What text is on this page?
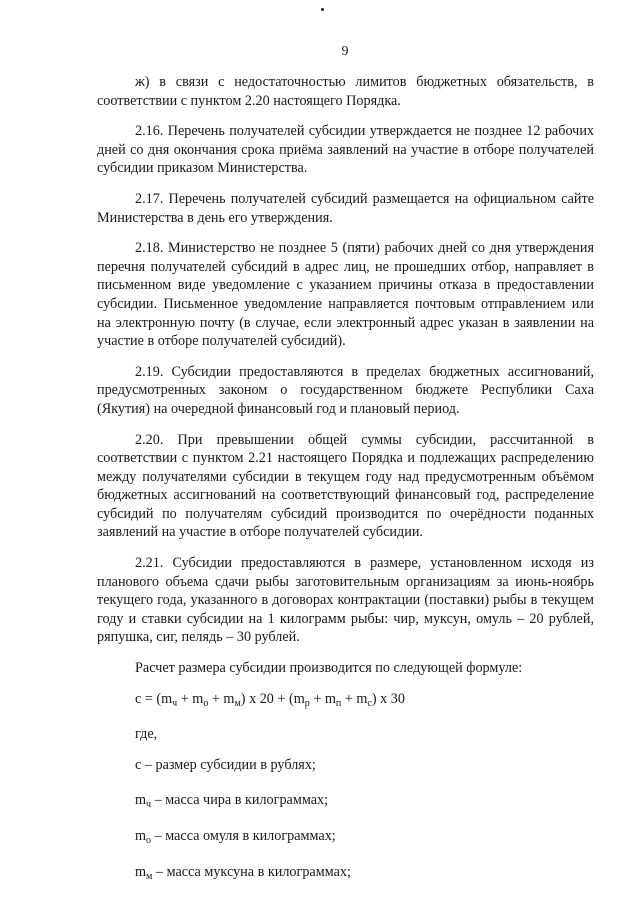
9

ж) в связи с недостаточностью лимитов бюджетных обязательств, в соответствии с пунктом 2.20 настоящего Порядка.

2.16. Перечень получателей субсидии утверждается не позднее 12 рабочих дней со дня окончания срока приёма заявлений на участие в отборе получателей субсидии приказом Министерства.

2.17. Перечень получателей субсидий размещается на официальном сайте Министерства в день его утверждения.

2.18. Министерство не позднее 5 (пяти) рабочих дней со дня утверждения перечня получателей субсидий в адрес лиц, не прошедших отбор, направляет в письменном виде уведомление с указанием причины отказа в предоставлении субсидии. Письменное уведомление направляется почтовым отправлением или на электронную почту (в случае, если электронный адрес указан в заявлении на участие в отборе получателей субсидий).

2.19. Субсидии предоставляются в пределах бюджетных ассигнований, предусмотренных законом о государственном бюджете Республики Саха (Якутия) на очередной финансовый год и плановый период.

2.20. При превышении общей суммы субсидии, рассчитанной в соответствии с пунктом 2.21 настоящего Порядка и подлежащих распределению между получателями субсидии в текущем году над предусмотренным объёмом бюджетных ассигнований на соответствующий финансовый год, распределение субсидий по получателям субсидий производится по очерёдности поданных заявлений на участие в отборе получателей субсидии.

2.21. Субсидии предоставляются в размере, установленном исходя из планового объема сдачи рыбы заготовительным организациям за июнь-ноябрь текущего года, указанного в договорах контрактации (поставки) рыбы в текущем году и ставки субсидии на 1 килограмм рыбы: чир, муксун, омуль – 20 рублей, ряпушка, сиг, пелядь – 30 рублей.

Расчет размера субсидии производится по следующей формуле:

$с = (m_ч + m_о + m_м)$ х $20 + (m_р + m_п + m_с)$ х 30

где,

с – размер субсидии в рублях;

$m_ч$ – масса чира в килограммах;

$m_о$ – масса омуля в килограммах;

$m_м$ – масса муксуна в килограммах;
